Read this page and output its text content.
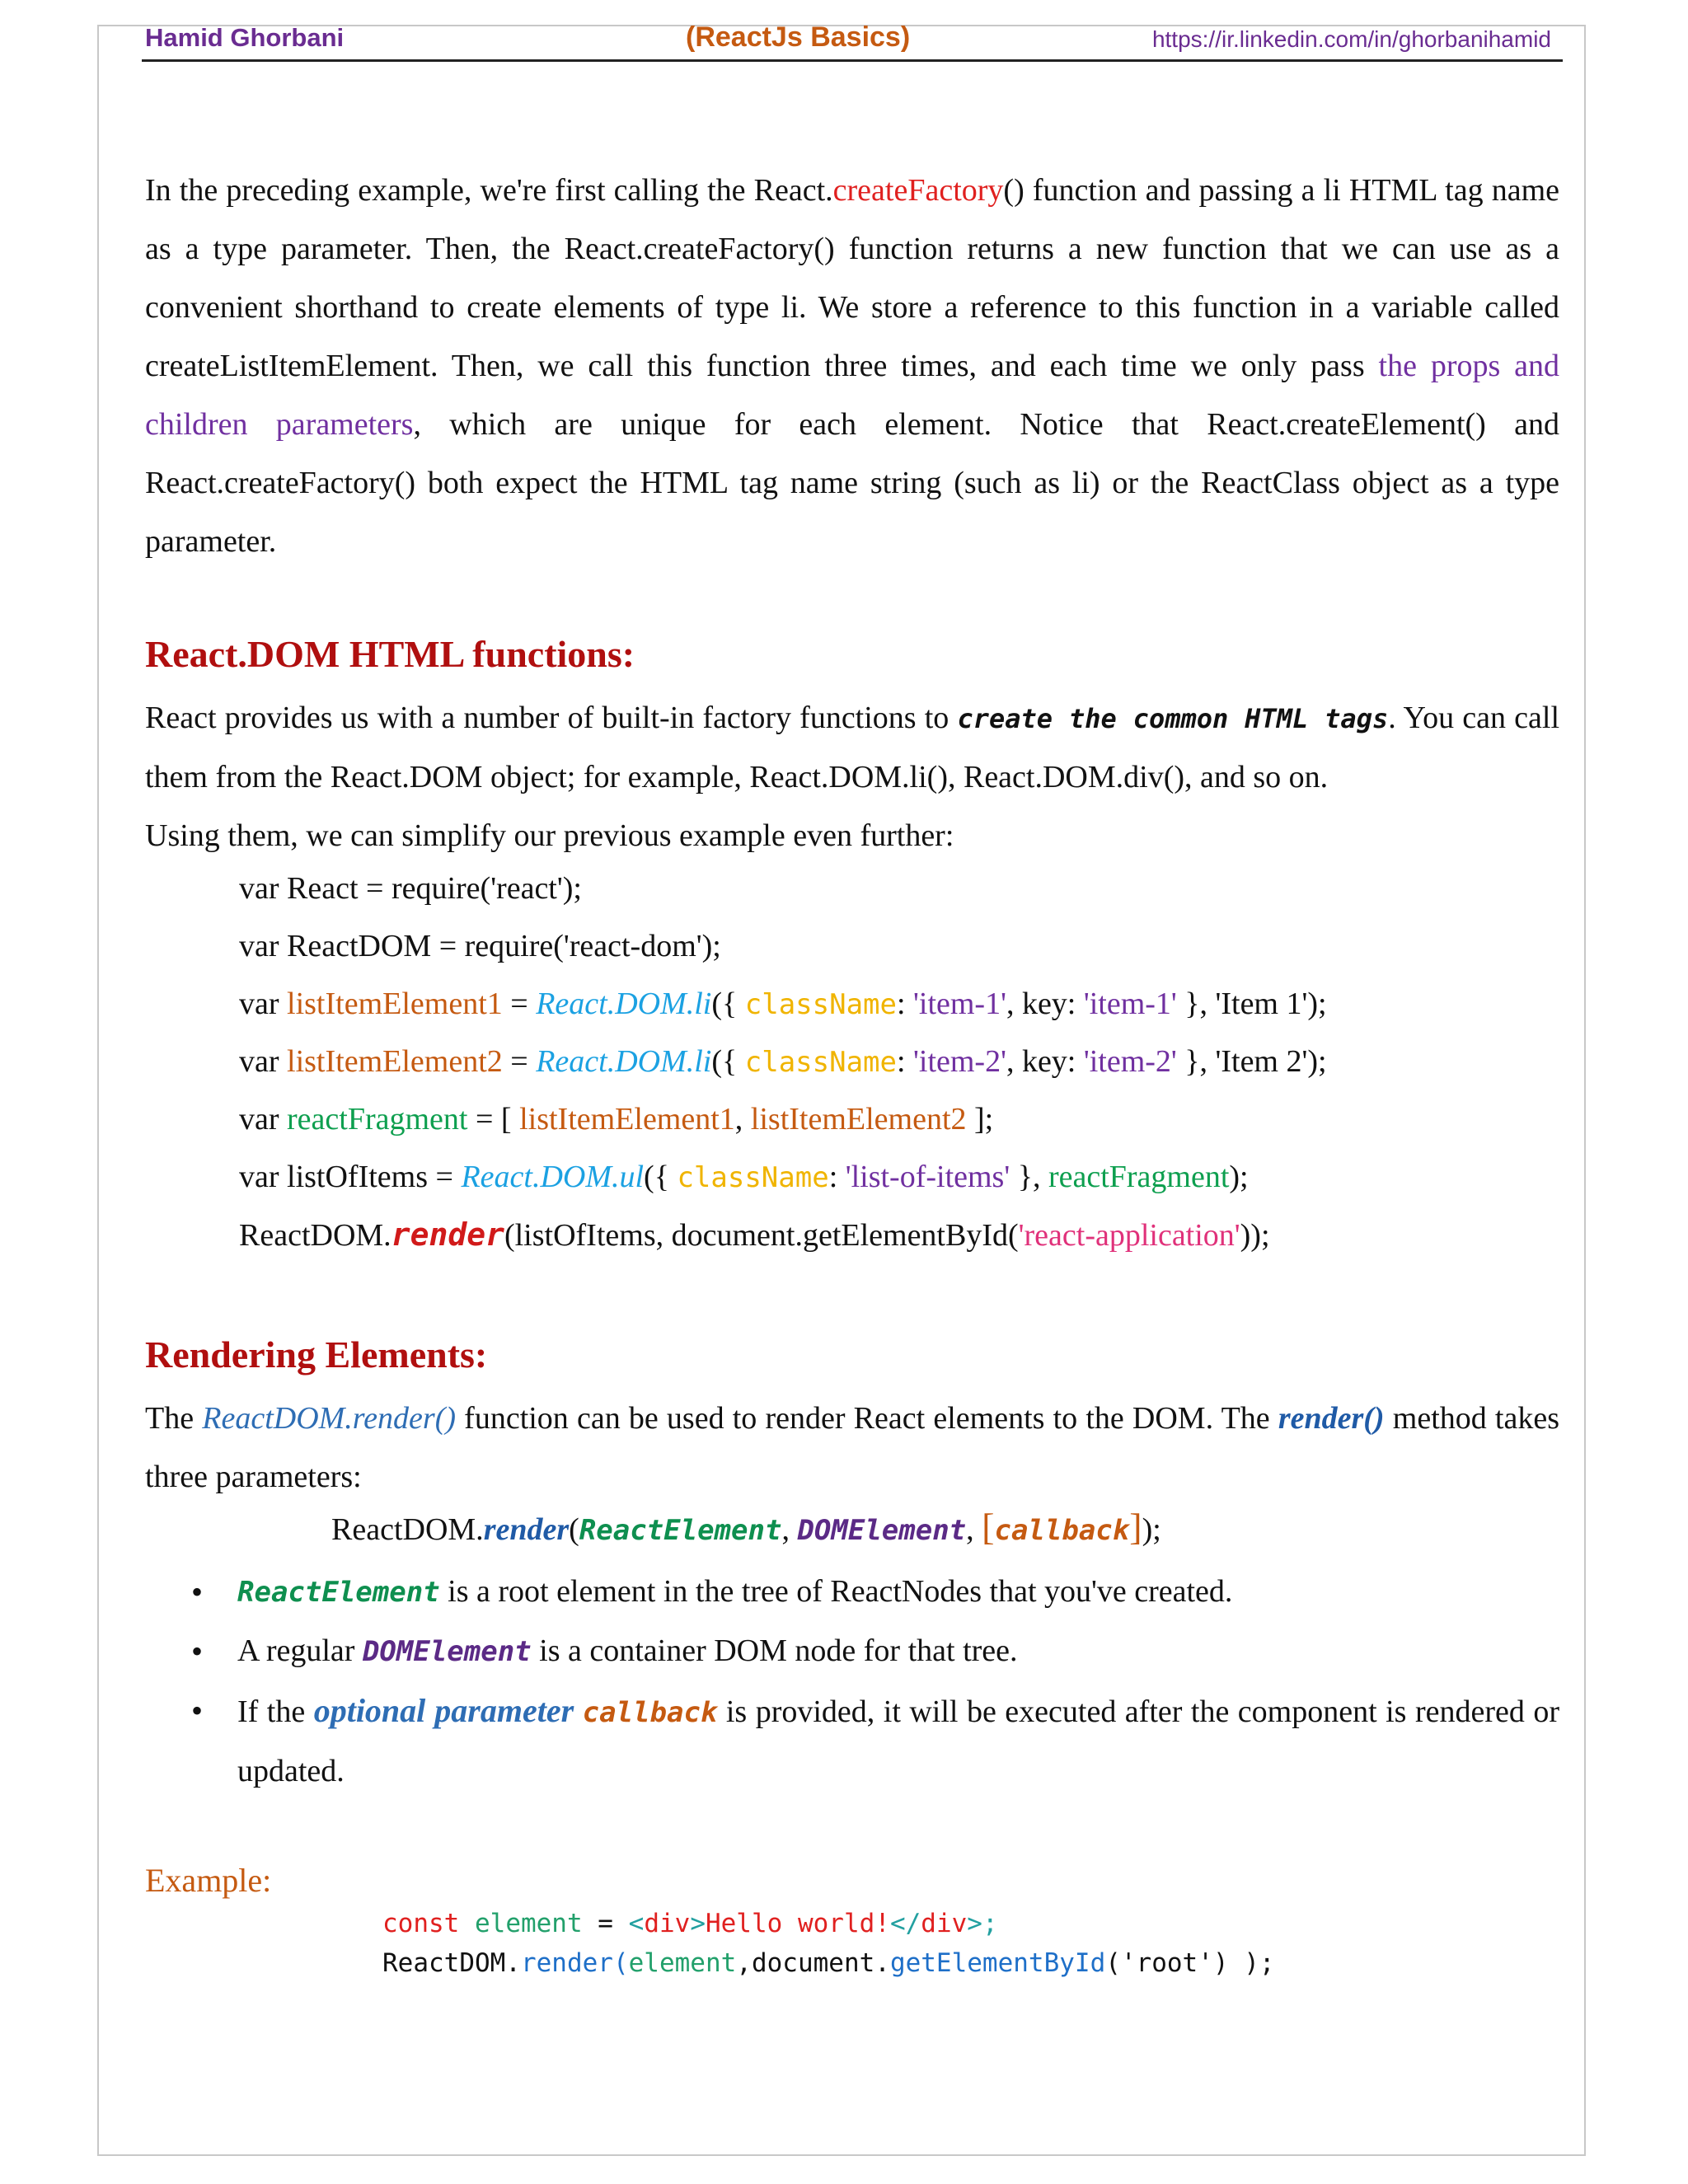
Hamid Ghorbani	(ReactJs Basics)	https://ir.linkedin.com/in/ghorbanihamid

In the preceding example, we're first calling the React.createFactory() function and passing a li HTML tag name as a type parameter. Then, the React.createFactory() function returns a new function that we can use as a convenient shorthand to create elements of type li. We store a reference to this function in a variable called createListItemElement. Then, we call this function three times, and each time we only pass the props and children parameters, which are unique for each element. Notice that React.createElement() and React.createFactory() both expect the HTML tag name string (such as li) or the ReactClass object as a type parameter.

React.DOM HTML functions:

React provides us with a number of built-in factory functions to create the common HTML tags. You can call them from the React.DOM object; for example, React.DOM.li(), React.DOM.div(), and so on.

Using them, we can simplify our previous example even further:

var React = require('react');
var ReactDOM = require('react-dom');
var listItemElement1 = React.DOM.li({ className: 'item-1', key: 'item-1' }, 'Item 1');
var listItemElement2 = React.DOM.li({ className: 'item-2', key: 'item-2' }, 'Item 2');
var reactFragment = [ listItemElement1, listItemElement2 ];
var listOfItems = React.DOM.ul({ className: 'list-of-items' }, reactFragment);
ReactDOM.render(listOfItems, document.getElementById('react-application'));
Rendering Elements:

The ReactDOM.render() function can be used to render React elements to the DOM. The render() method takes three parameters:

ReactDOM.render(ReactElement, DOMElement, [callback]);
• ReactElement is a root element in the tree of ReactNodes that you've created.
• A regular DOMElement is a container DOM node for that tree.
• If the optional parameter callback is provided, it will be executed after the component is rendered or updated.
Example:
const element = <div>Hello world!</div>;
ReactDOM.render(element,document.getElementById('root') );
